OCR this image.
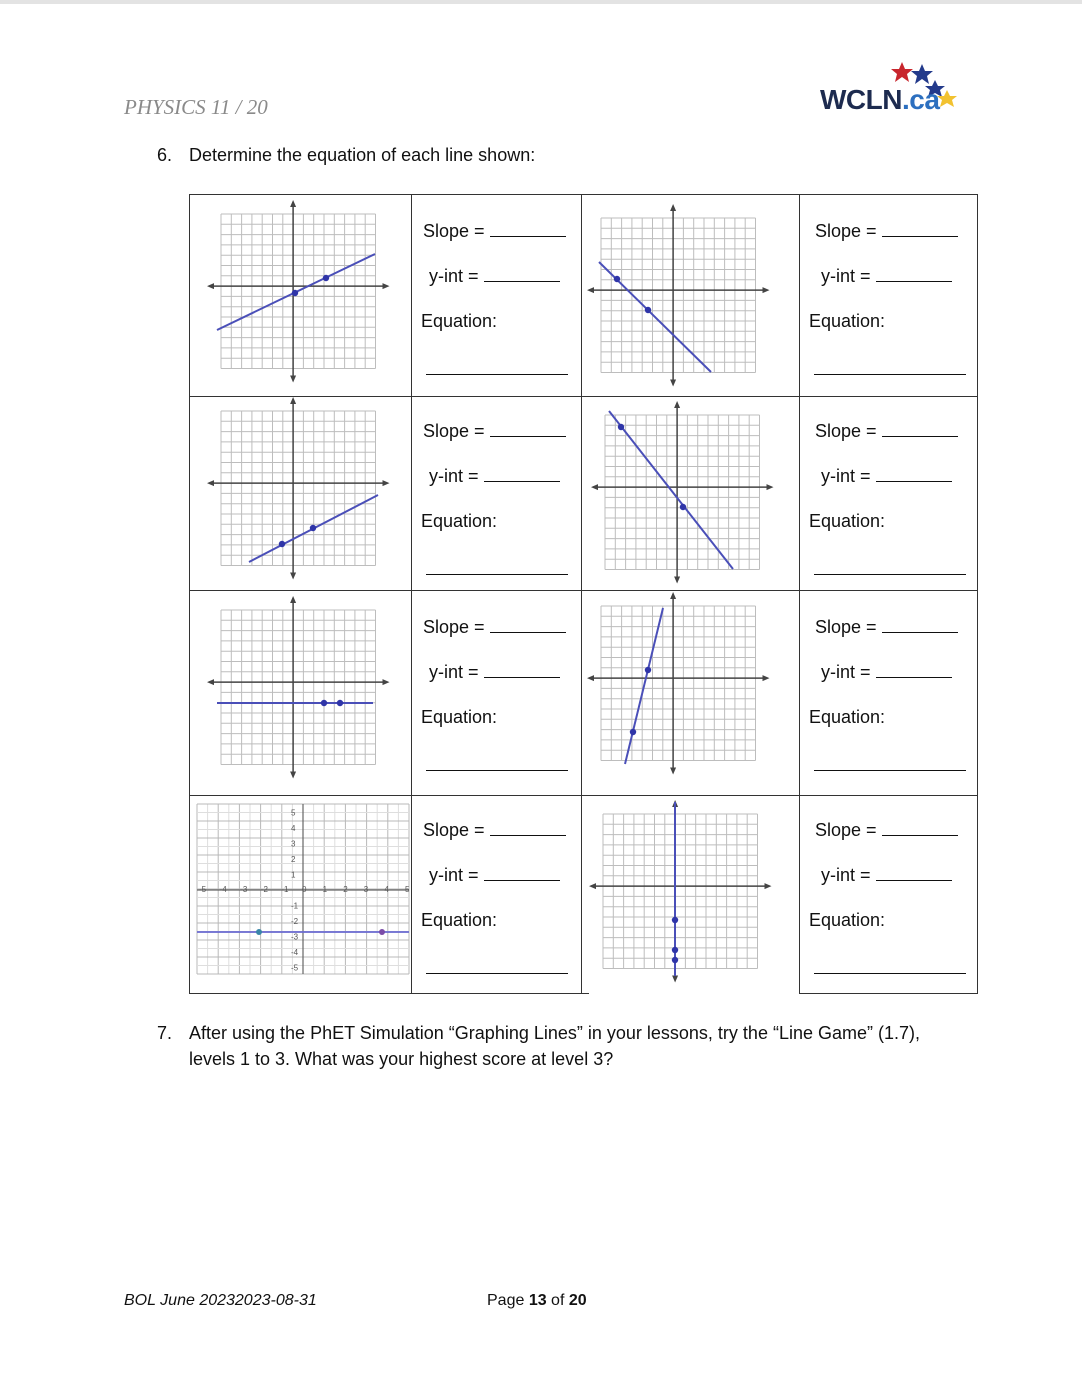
PHYSICS 11 / 20	WCLN.ca
6. Determine the equation of each line shown:
-5 -4 -3 -2 -1 0 1 2 3 4 5
5
4
3
2
1
-1
-2
-3
-4
-5
Slope =
y-int =
Equation:
Slope =
y-int =
Equation:
Slope =
y-int =
Equation:
Slope =
y-int =
Equation:
Slope =
y-int =
Equation:
Slope =
y-int =
Equation:
Slope =
y-int =
Equation:
Slope =
y-int =
Equation:
7. After using the PhET Simulation “Graphing Lines” in your lessons, try the “Line Game” (1.7), levels 1 to 3. What was your highest score at level 3?
BOL June 20232023-08-31	Page 13 of 20
